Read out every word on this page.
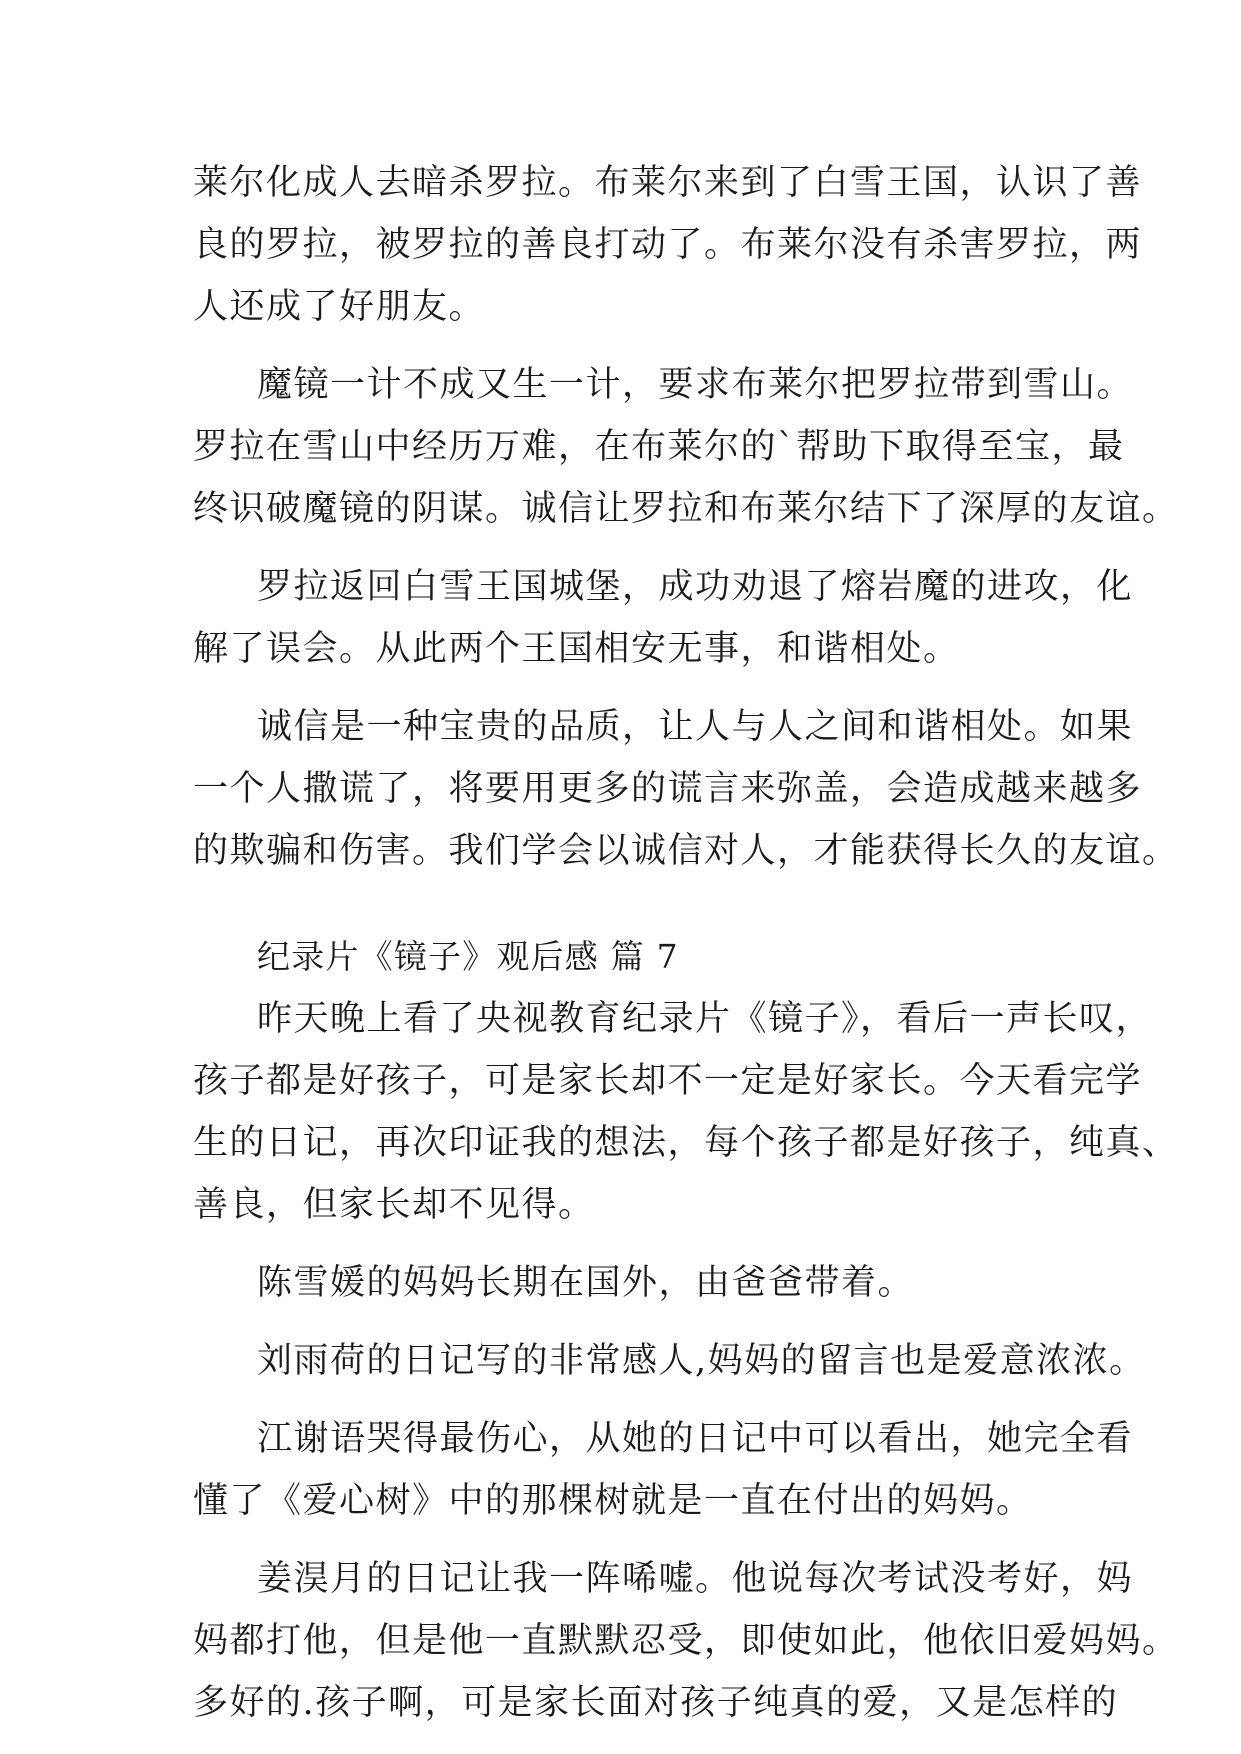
莱尔化成人去暗杀罗拉。布莱尔来到了白雪王国，认识了善
良的罗拉，被罗拉的善良打动了。布莱尔没有杀害罗拉，两
人还成了好朋友。
魔镜一计不成又生一计，要求布莱尔把罗拉带到雪山。
罗拉在雪山中经历万难，在布莱尔的`帮助下取得至宝，最
终识破魔镜的阴谋。诚信让罗拉和布莱尔结下了深厚的友谊。
罗拉返回白雪王国城堡，成功劝退了熔岩魔的进攻，化
解了误会。从此两个王国相安无事，和谐相处。
诚信是一种宝贵的品质，让人与人之间和谐相处。如果
一个人撒谎了，将要用更多的谎言来弥盖，会造成越来越多
的欺骗和伤害。我们学会以诚信对人，才能获得长久的友谊。
纪录片《镜子》观后感 篇 7
昨天晚上看了央视教育纪录片《镜子》，看后一声长叹，
孩子都是好孩子，可是家长却不一定是好家长。今天看完学
生的日记，再次印证我的想法，每个孩子都是好孩子，纯真、
善良，但家长却不见得。
陈雪媛的妈妈长期在国外，由爸爸带着。
刘雨荷的日记写的非常感人,妈妈的留言也是爱意浓浓。
江谢语哭得最伤心，从她的日记中可以看出，她完全看
懂了《爱心树》中的那棵树就是一直在付出的妈妈。
姜淏月的日记让我一阵唏嘘。他说每次考试没考好，妈
妈都打他，但是他一直默默忍受，即使如此，他依旧爱妈妈。
多好的.孩子啊，可是家长面对孩子纯真的爱，又是怎样的
